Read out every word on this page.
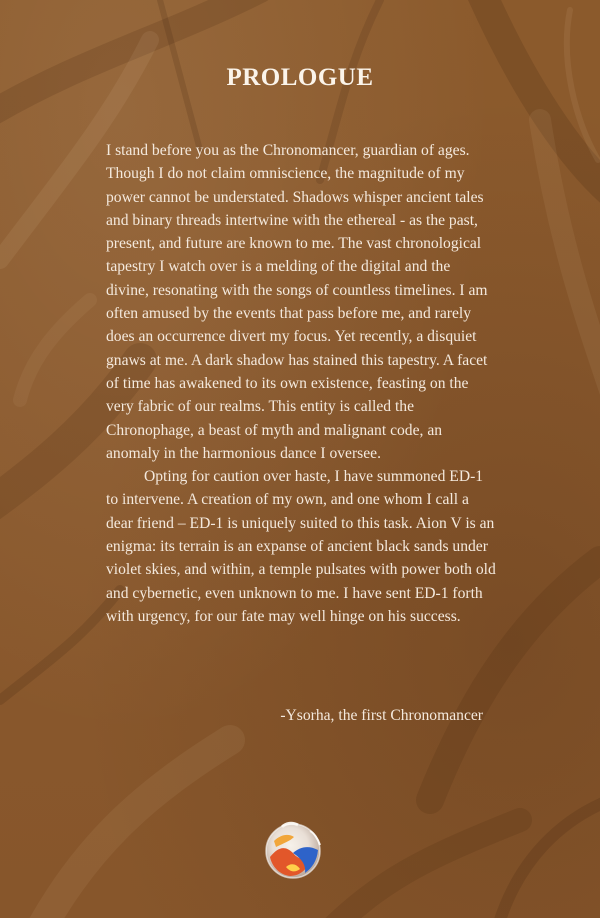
PROLOGUE

I stand before you as the Chronomancer, guardian of ages. Though I do not claim omniscience, the magnitude of my power cannot be understated. Shadows whisper ancient tales and binary threads intertwine with the ethereal - as the past, present, and future are known to me. The vast chronological tapestry I watch over is a melding of the digital and the divine, resonating with the songs of countless timelines. I am often amused by the events that pass before me, and rarely does an occurrence divert my focus. Yet recently, a disquiet gnaws at me. A dark shadow has stained this tapestry. A facet of time has awakened to its own existence, feasting on the very fabric of our realms. This entity is called the Chronophage, a beast of myth and malignant code, an anomaly in the harmonious dance I oversee.

Opting for caution over haste, I have summoned ED-1 to intervene. A creation of my own, and one whom I call a dear friend – ED-1 is uniquely suited to this task. Aion V is an enigma: its terrain is an expanse of ancient black sands under violet skies, and within, a temple pulsates with power both old and cybernetic, even unknown to me. I have sent ED-1 forth with urgency, for our fate may well hinge on his success.

-Ysorha, the first Chronomancer
